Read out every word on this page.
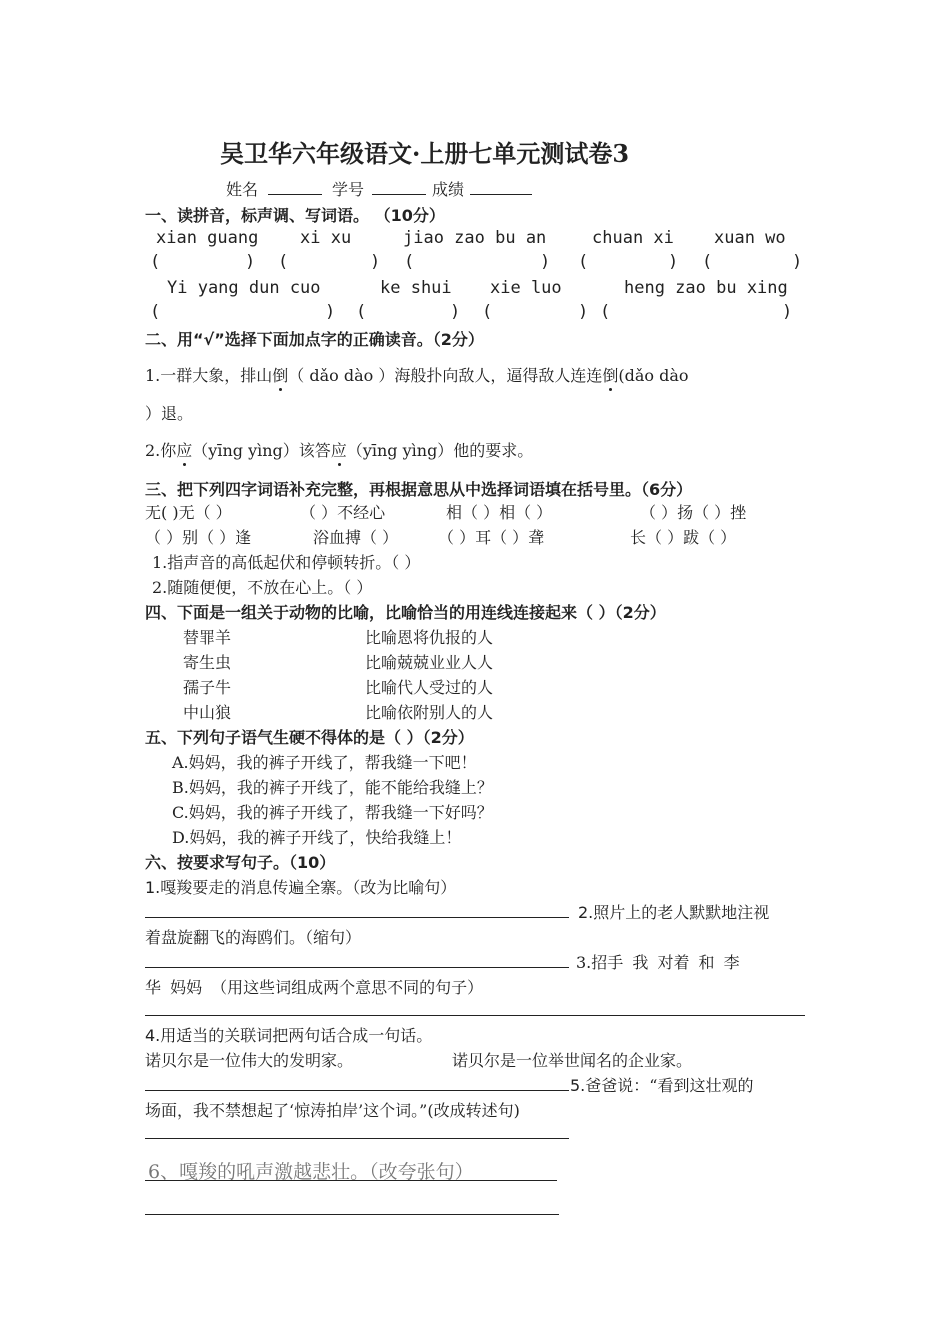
吴卫华六年级语文·上册七单元测试卷3
姓名	学号	成绩
一、读拼音，标声调、写词语。 （10分）
xian guang xi xu	jiao zao bu an	chuan xi xuan wo
(	) (	) (	) (	) (	)
Yi yang dun cuo	ke shui xie luo	heng zao bu xing
(	) (	) (	) (	)
二、用“√”选择下面加点字的正确读音。（2分）
1.一群大象，排山倒（ dǎo dào ）海般扑向敌人，逼得敌人连连倒(dǎo dào
）退。
2.你应（yīng yìng）该答应（yīng yìng）他的要求。
三、把下列四字词语补充完整，再根据意思从中选择词语填在括号里。（6分）
无( )无（ ）	（ ）不经心	相（ ）相（ ）	（ ）扬（ ）挫
（ ）别（ ）逢	浴血搏（ ） （ ）耳（ ）聋	长（ ）跋（ ）
1.指声音的高低起伏和停顿转折。（ ）
2.随随便便，不放在心上。（ ）
四、下面是一组关于动物的比喻，比喻恰当的用连线连接起来（ ）（2分）
替罪羊	比喻恩将仇报的人
寄生虫	比喻兢兢业业人人
孺子牛	比喻代人受过的人
中山狼	比喻依附别人的人
五、下列句子语气生硬不得体的是（ ）（2分）
A.妈妈，我的裤子开线了，帮我缝一下吧！
B.妈妈，我的裤子开线了，能不能给我缝上？
C.妈妈，我的裤子开线了，帮我缝一下好吗？
D.妈妈，我的裤子开线了，快给我缝上！
六、按要求写句子。（10）
1.嘎羧要走的消息传遍全寨。（改为比喻句）
2.照片上的老人默默地注视
着盘旋翻飞的海鸥们。（缩句）
3.招手 我 对着 和 李
华 妈妈 （用这些词组成两个意思不同的句子）
4.用适当的关联词把两句话合成一句话。
诺贝尔是一位伟大的发明家。	诺贝尔是一位举世闻名的企业家。
5.爸爸说：“看到这壮观的
场面，我不禁想起了‘惊涛拍岸’这个词。”(改成转述句)
6、嘎羧的吼声激越悲壮。（改夸张句）
